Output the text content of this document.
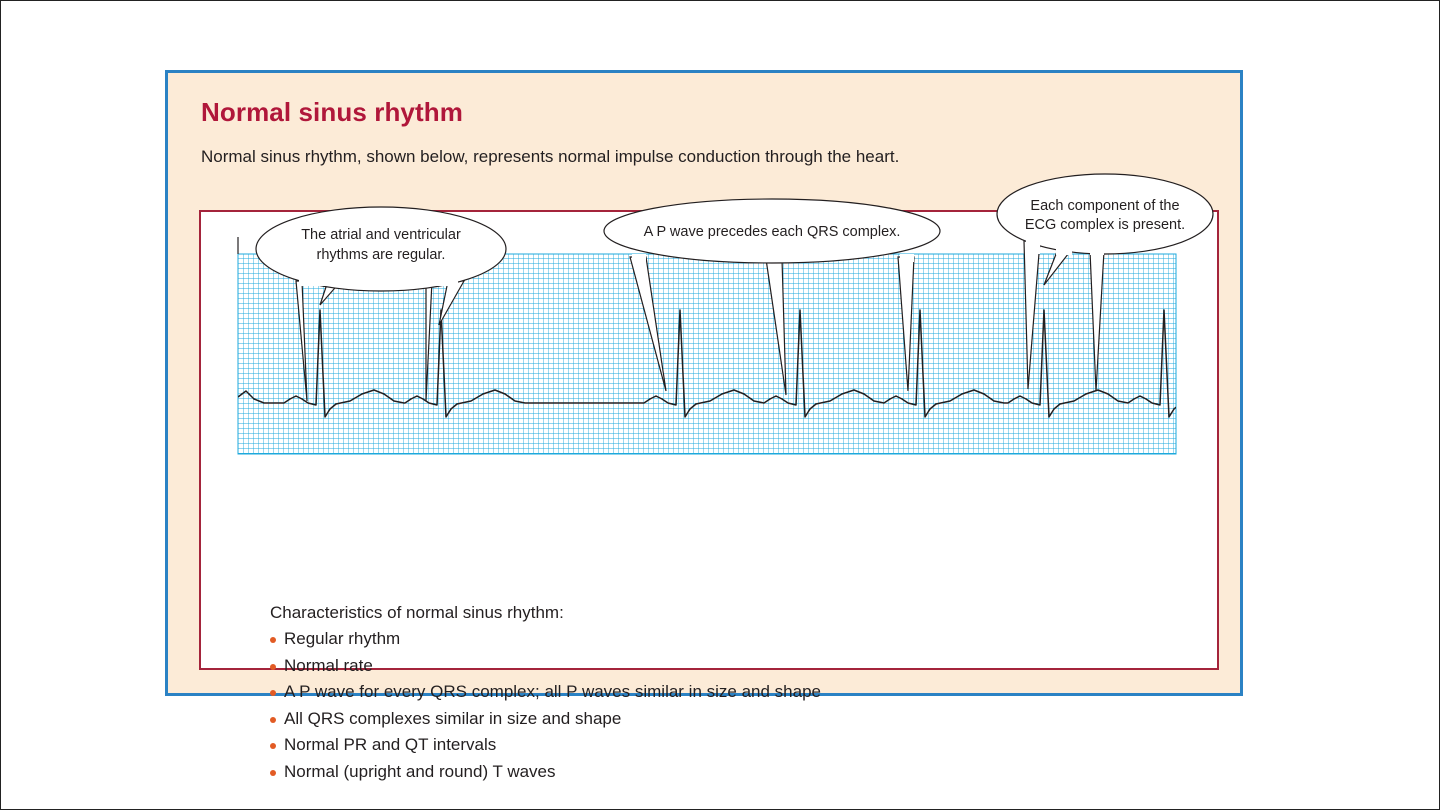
Normal sinus rhythm

Normal sinus rhythm, shown below, represents normal impulse conduction through the heart.

Characteristics of normal sinus rhythm:

Regular rhythm
Normal rate
A P wave for every QRS complex; all P waves similar in size and shape
All QRS complexes similar in size and shape
Normal PR and QT intervals
Normal (upright and round) T waves
The atrial and ventricular
rhythms are regular.
A P wave precedes each QRS complex.
Each component of the
ECG complex is present.
